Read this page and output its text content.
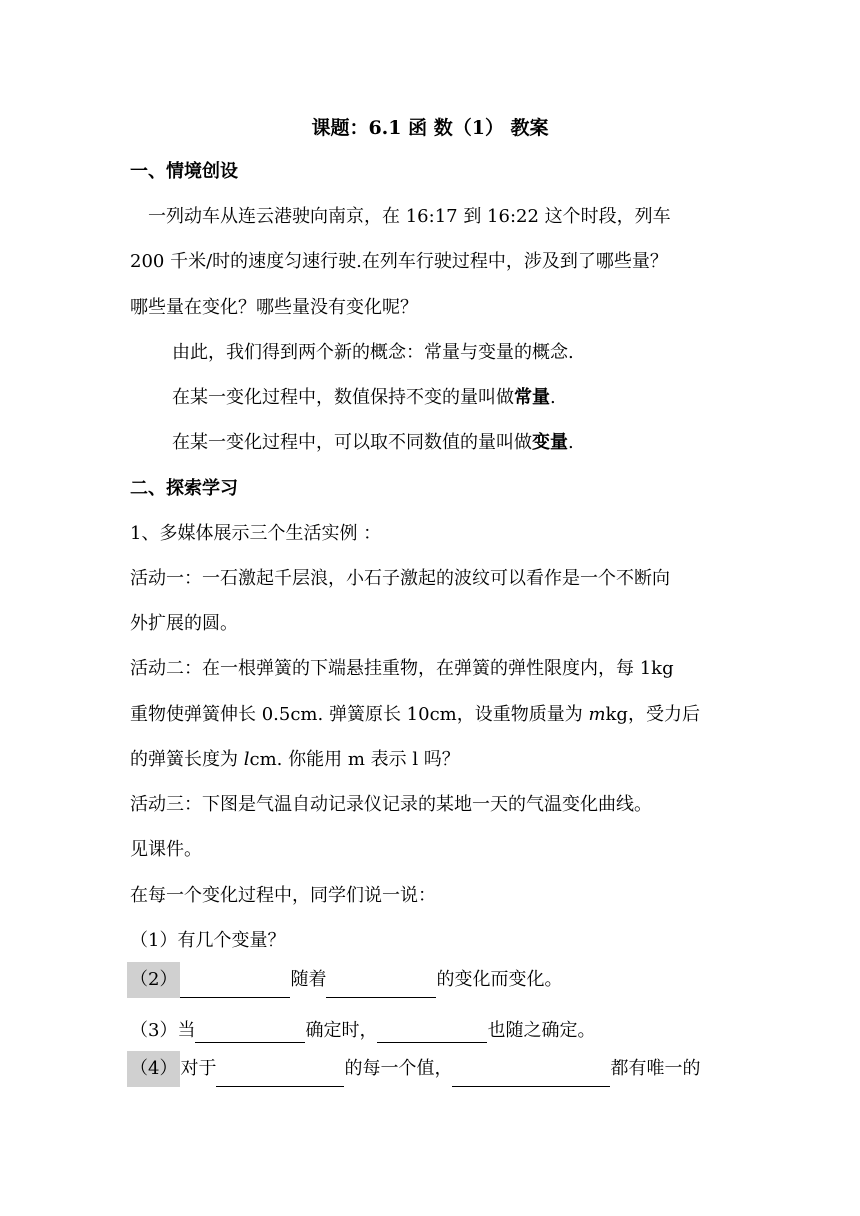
课题：6.1 函 数（1） 教案
一、情境创设
一列动车从连云港驶向南京，在 16:17 到 16:22 这个时段，列车
200 千米/时的速度匀速行驶.在列车行驶过程中，涉及到了哪些量？
哪些量在变化？哪些量没有变化呢？
由此，我们得到两个新的概念：常量与变量的概念.
在某一变化过程中，数值保持不变的量叫做常量.
在某一变化过程中，可以取不同数值的量叫做变量.
二、探索学习
1、多媒体展示三个生活实例 ：
活动一：一石激起千层浪，小石子激起的波纹可以看作是一个不断向
外扩展的圆。
活动二：在一根弹簧的下端悬挂重物，在弹簧的弹性限度内，每 1kg
重物使弹簧伸长 0.5cm. 弹簧原长 10cm，设重物质量为 mkg，受力后
的弹簧长度为 lcm. 你能用 m 表示 l 吗？
活动三：下图是气温自动记录仪记录的某地一天的气温变化曲线。
见课件。
在每一个变化过程中，同学们说一说：
（1）有几个变量？
（2）	随着	的变化而变化。
（3）当	确定时，	也随之确定。
（4） 对于	的每一个值，	都有唯一的
